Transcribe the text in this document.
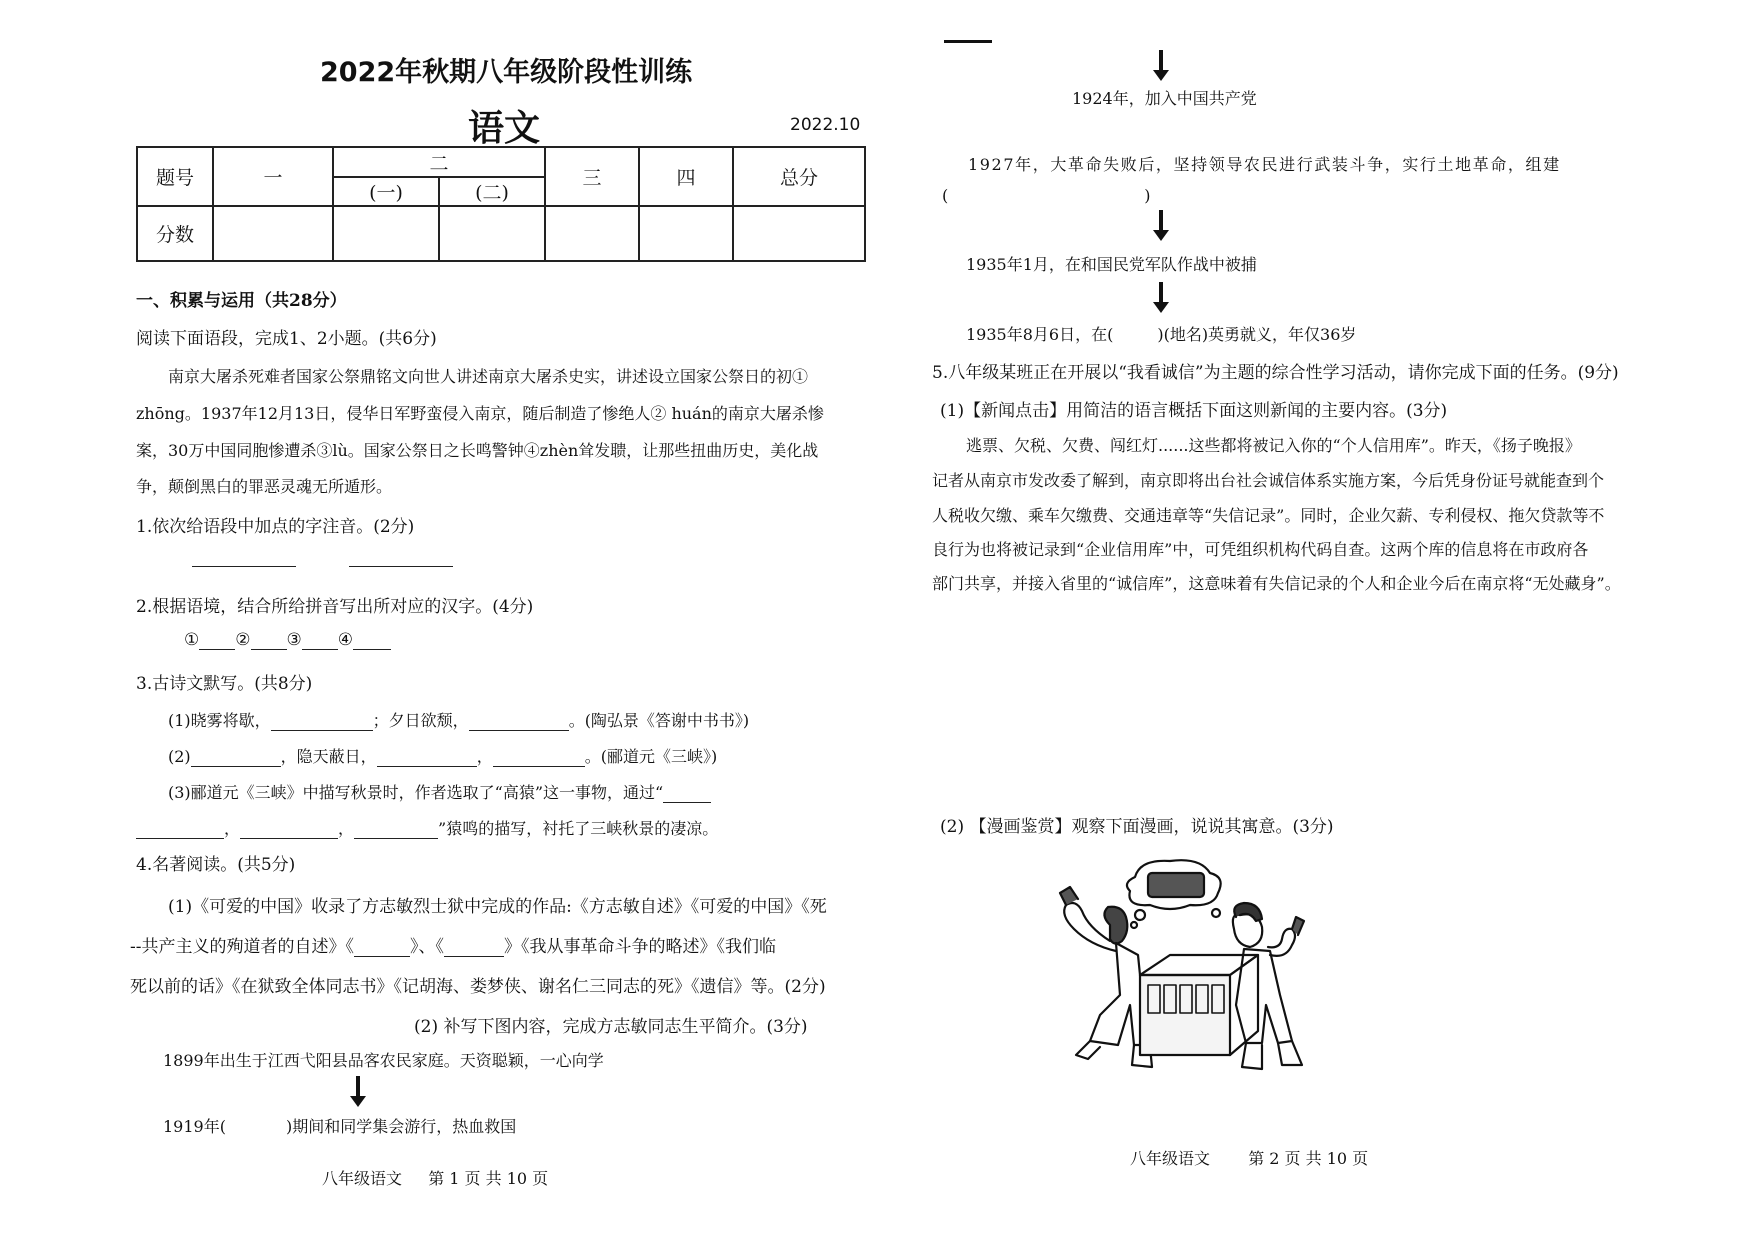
2022年秋期八年级阶段性训练
语文	2022.10
题号	一	二		三	四	总分
		(一)	(二)			
分数						
一、积累与运用（共28分）
阅读下面语段，完成1、2小题。(共6分)
南京大屠杀死难者国家公祭鼎铭文向世人讲述南京大屠杀史实，讲述设立国家公祭日的初①
zhōng。1937年12月13日，侵华日军野蛮侵入南京，随后制造了惨绝人② huán的南京大屠杀惨
案，30万中国同胞惨遭杀③lù。国家公祭日之长鸣警钟④zhèn耸发聩，让那些扭曲历史，美化战
争，颠倒黑白的罪恶灵魂无所遁形。
1.依次给语段中加点的字注音。(2分)

2.根据语境，结合所给拼音写出所对应的汉字。(4分)
① ② ③ ④
3.古诗文默写。(共8分)
(1)晓雾将歇，	；夕日欲颓，	。(陶弘景《答谢中书书》)
(2)	，隐天蔽日，	，	。(郦道元《三峡》)
(3)郦道元《三峡》中描写秋景时，作者选取了“高猿”这一事物，通过“
，	，	”猿鸣的描写，衬托了三峡秋景的凄凉。
4.名著阅读。(共5分)
(1)《可爱的中国》收录了方志敏烈士狱中完成的作品:《方志敏自述》《可爱的中国》《死
--共产主义的殉道者的自述》《	》、《	》《我从事革命斗争的略述》《我们临
死以前的话》《在狱致全体同志书》《记胡海、娄梦侠、谢名仁三同志的死》《遗信》等。(2分)
(2) 补写下图内容，完成方志敏同志生平简介。(3分)
1899年出生于江西弋阳县品客农民家庭。天资聪颖，一心向学
1919年(	)期间和同学集会游行，热血救国
八年级语文 第 1 页 共 10 页
1924年，加入中国共产党
1927年，大革命失败后，坚持领导农民进行武装斗争，实行土地革命，组建
(	)
1935年1月，在和国民党军队作战中被捕
1935年8月6日，在(	)(地名)英勇就义，年仅36岁
5.八年级某班正在开展以“我看诚信”为主题的综合性学习活动，请你完成下面的任务。(9分)
(1)【新闻点击】用简洁的语言概括下面这则新闻的主要内容。(3分)
逃票、欠税、欠费、闯红灯......这些都将被记入你的“个人信用库”。昨天，《扬子晚报》
记者从南京市发改委了解到，南京即将出台社会诚信体系实施方案，今后凭身份证号就能查到个
人税收欠缴、乘车欠缴费、交通违章等“失信记录”。同时，企业欠薪、专利侵权、拖欠贷款等不
良行为也将被记录到“企业信用库”中，可凭组织机构代码自查。这两个库的信息将在市政府各
部门共享，并接入省里的“诚信库”，这意味着有失信记录的个人和企业今后在南京将“无处藏身”。
(2) 【漫画鉴赏】观察下面漫画，说说其寓意。(3分)
八年级语文 第 2 页 共 10 页
